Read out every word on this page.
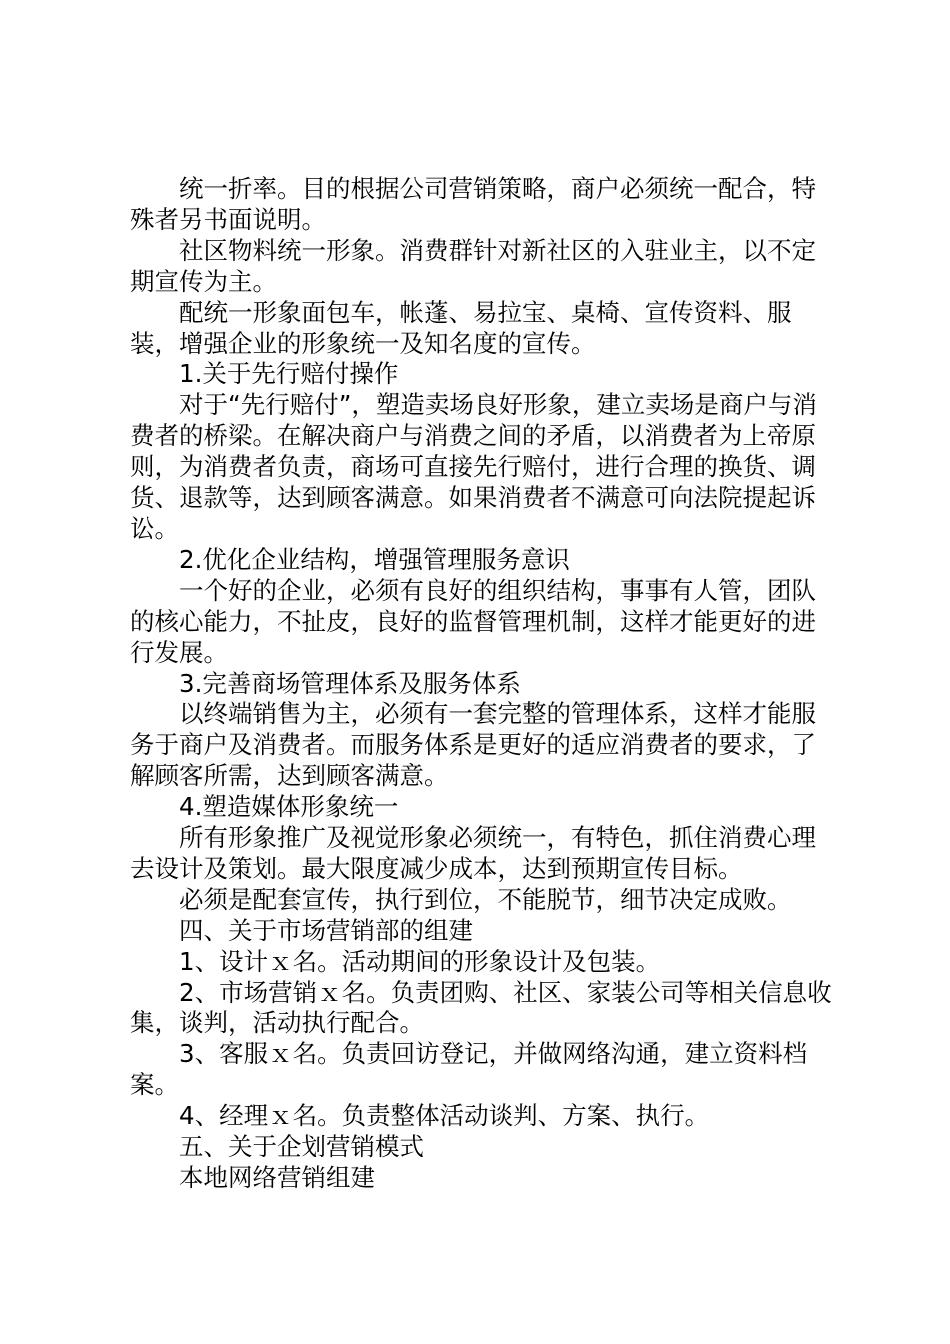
统一折率。目的根据公司营销策略，商户必须统一配合，特殊者另书面说明。

社区物料统一形象。消费群针对新社区的入驻业主，以不定期宣传为主。

配统一形象面包车，帐蓬、易拉宝、桌椅、宣传资料、服装，增强企业的形象统一及知名度的宣传。

1.关于先行赔付操作

对于“先行赔付”，塑造卖场良好形象，建立卖场是商户与消费者的桥梁。在解决商户与消费之间的矛盾，以消费者为上帝原则，为消费者负责，商场可直接先行赔付，进行合理的换货、调货、退款等，达到顾客满意。如果消费者不满意可向法院提起诉讼。

2.优化企业结构，增强管理服务意识

一个好的企业，必须有良好的组织结构，事事有人管，团队的核心能力，不扯皮，良好的监督管理机制，这样才能更好的进行发展。

3.完善商场管理体系及服务体系

以终端销售为主，必须有一套完整的管理体系，这样才能服务于商户及消费者。而服务体系是更好的适应消费者的要求，了解顾客所需，达到顾客满意。

4.塑造媒体形象统一

所有形象推广及视觉形象必须统一，有特色，抓住消费心理去设计及策划。最大限度减少成本，达到预期宣传目标。

必须是配套宣传，执行到位，不能脱节，细节决定成败。

四、关于市场营销部的组建

1、设计ｘ名。活动期间的形象设计及包装。

2、市场营销ｘ名。负责团购、社区、家装公司等相关信息收集，谈判，活动执行配合。

3、客服ｘ名。负责回访登记，并做网络沟通，建立资料档案。

4、经理ｘ名。负责整体活动谈判、方案、执行。

五、关于企划营销模式

本地网络营销组建
